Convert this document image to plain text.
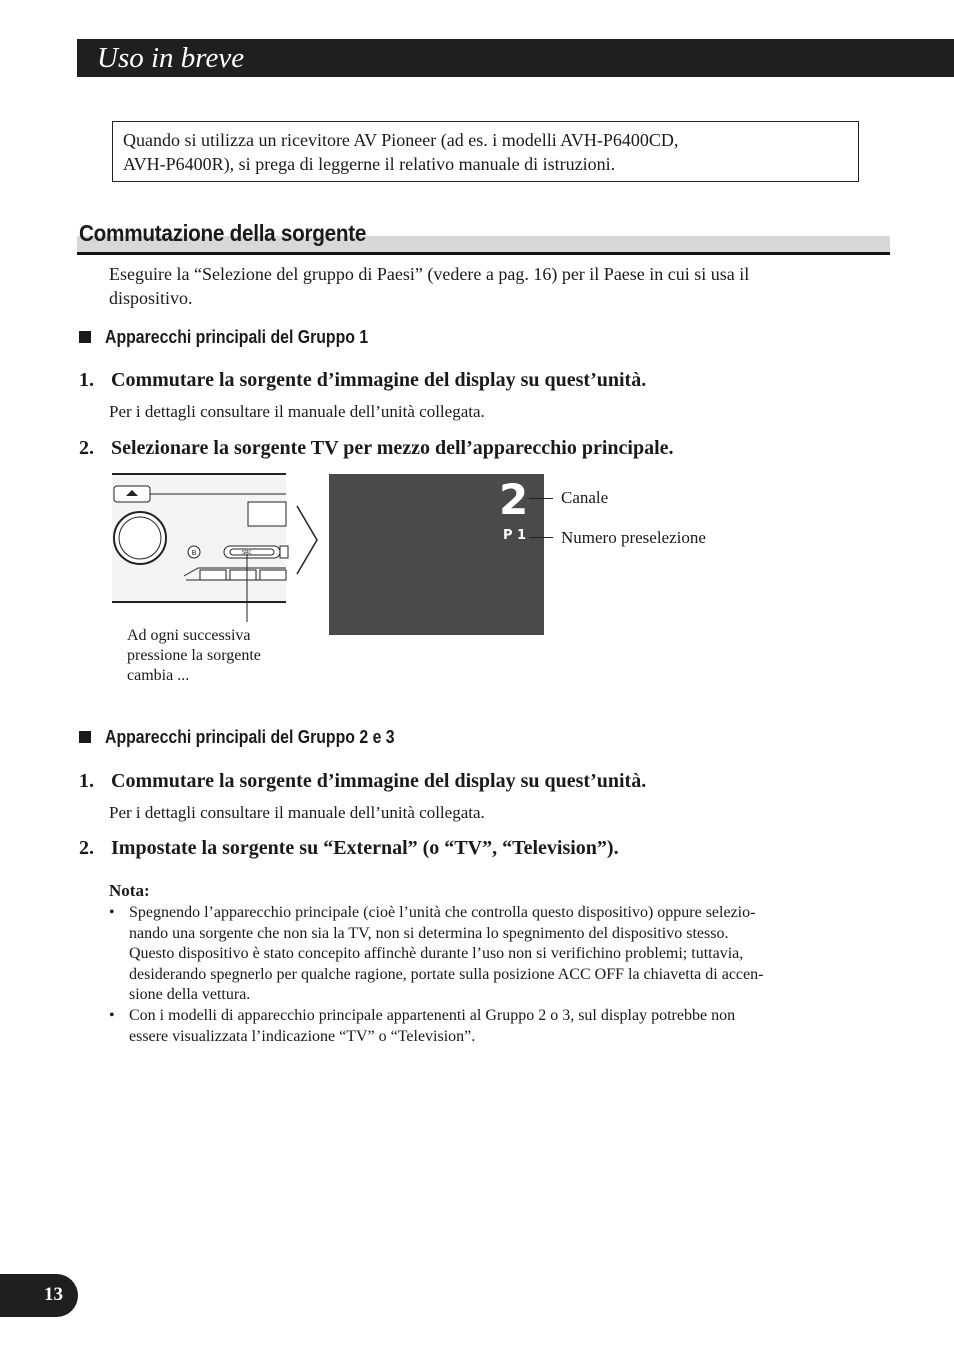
Uso in breve
Quando si utilizza un ricevitore AV Pioneer (ad es. i modelli AVH-P6400CD,
AVH-P6400R), si prega di leggerne il relativo manuale di istruzioni.
Commutazione della sorgente
Eseguire la “Selezione del gruppo di Paesi” (vedere a pag. 16) per il Paese in cui si usa il
dispositivo.
Apparecchi principali del Gruppo 1
1. Commutare la sorgente d’immagine del display su quest’unità.
Per i dettagli consultare il manuale dell’unità collegata.
2. Selezionare la sorgente TV per mezzo dell’apparecchio principale.
B	SRC
Ad ogni successiva
pressione la sorgente
cambia ...
2
P 1
Canale
Numero preselezione
Apparecchi principali del Gruppo 2 e 3
1. Commutare la sorgente d’immagine del display su quest’unità.
Per i dettagli consultare il manuale dell’unità collegata.
2. Impostate la sorgente su “External” (o “TV”, “Television”).
Nota:
• Spegnendo l’apparecchio principale (cioè l’unità che controlla questo dispositivo) oppure selezio-
nando una sorgente che non sia la TV, non si determina lo spegnimento del dispositivo stesso.
Questo dispositivo è stato concepito affinchè durante l’uso non si verifichino problemi; tuttavia,
desiderando spegnerlo per qualche ragione, portate sulla posizione ACC OFF la chiavetta di accen-
sione della vettura.
• Con i modelli di apparecchio principale appartenenti al Gruppo 2 o 3, sul display potrebbe non
essere visualizzata l’indicazione “TV” o “Television”.
13
